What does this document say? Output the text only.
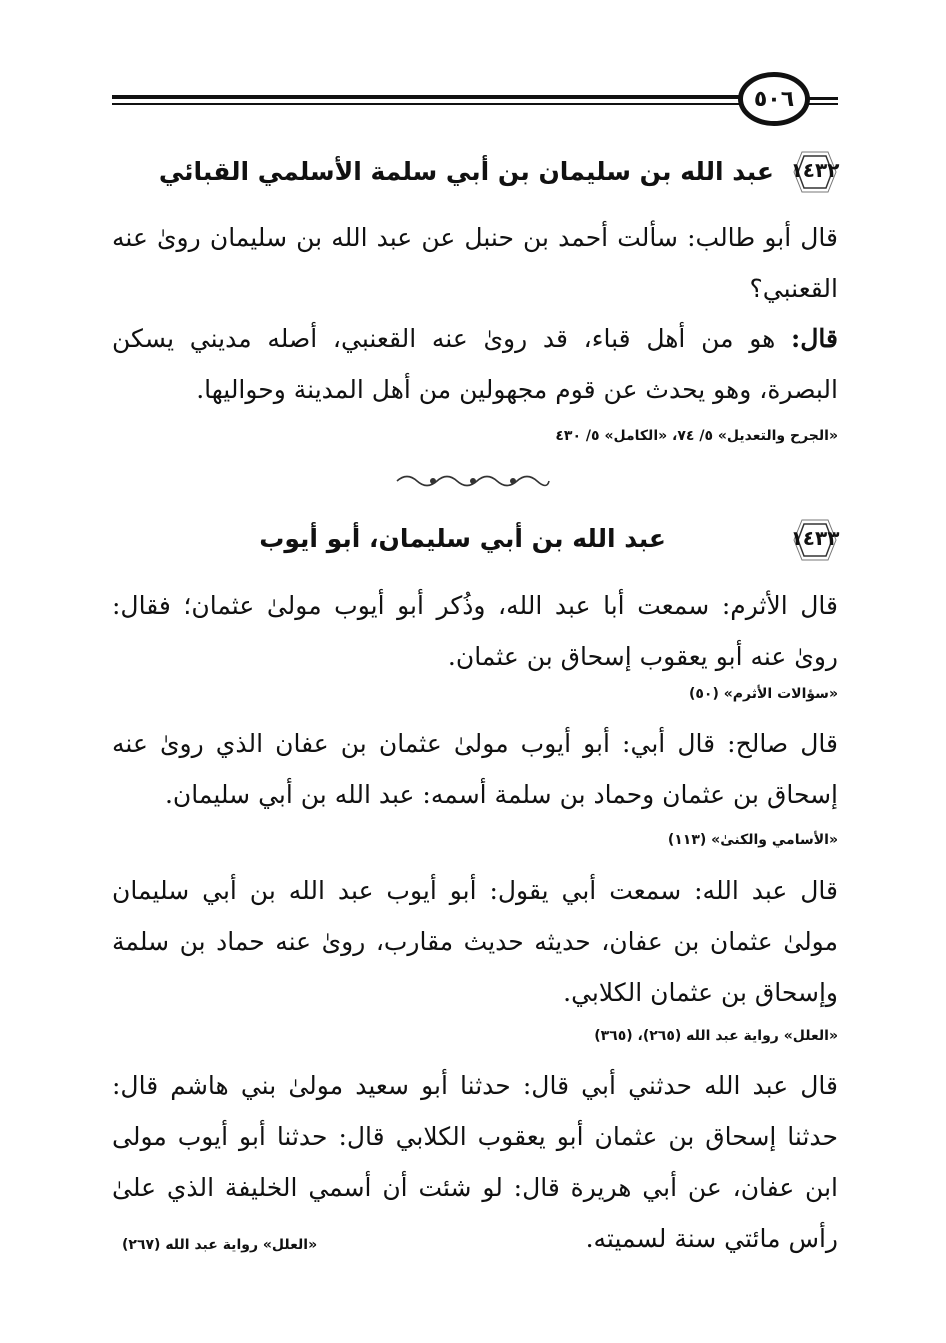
٥٠٦
١٤٣٢
عبد الله بن سليمان بن أبي سلمة الأسلمي القبائي
قال أبو طالب: سألت أحمد بن حنبل عن عبد الله بن سليمان روىٰ عنه القعنبي؟
قال: هو من أهل قباء، قد روىٰ عنه القعنبي، أصله مديني يسكن البصرة، وهو يحدث عن قوم مجهولين من أهل المدينة وحواليها.
«الجرح والتعديل» ٥/ ٧٤، «الكامل» ٥/ ٤٣٠
١٤٣٣
عبد الله بن أبي سليمان، أبو أيوب
قال الأثرم: سمعت أبا عبد الله، وذُكر أبو أيوب مولىٰ عثمان؛ فقال: روىٰ عنه أبو يعقوب إسحاق بن عثمان.
«سؤالات الأثرم» (٥٠)
قال صالح: قال أبي: أبو أيوب مولىٰ عثمان بن عفان الذي روىٰ عنه إسحاق بن عثمان وحماد بن سلمة أسمه: عبد الله بن أبي سليمان.
«الأسامي والكنىٰ» (١١٣)
قال عبد الله: سمعت أبي يقول: أبو أيوب عبد الله بن أبي سليمان مولىٰ عثمان بن عفان، حديثه حديث مقارب، روىٰ عنه حماد بن سلمة وإسحاق بن عثمان الكلابي.
«العلل» رواية عبد الله (٢٦٥)، (٣٦٥)
قال عبد الله حدثني أبي قال: حدثنا أبو سعيد مولىٰ بني هاشم قال: حدثنا إسحاق بن عثمان أبو يعقوب الكلابي قال: حدثنا أبو أيوب مولى ابن عفان، عن أبي هريرة قال: لو شئت أن أسمي الخليفة الذي علىٰ رأس مائتي سنة لسميته.
«العلل» رواية عبد الله (٢٦٧)
